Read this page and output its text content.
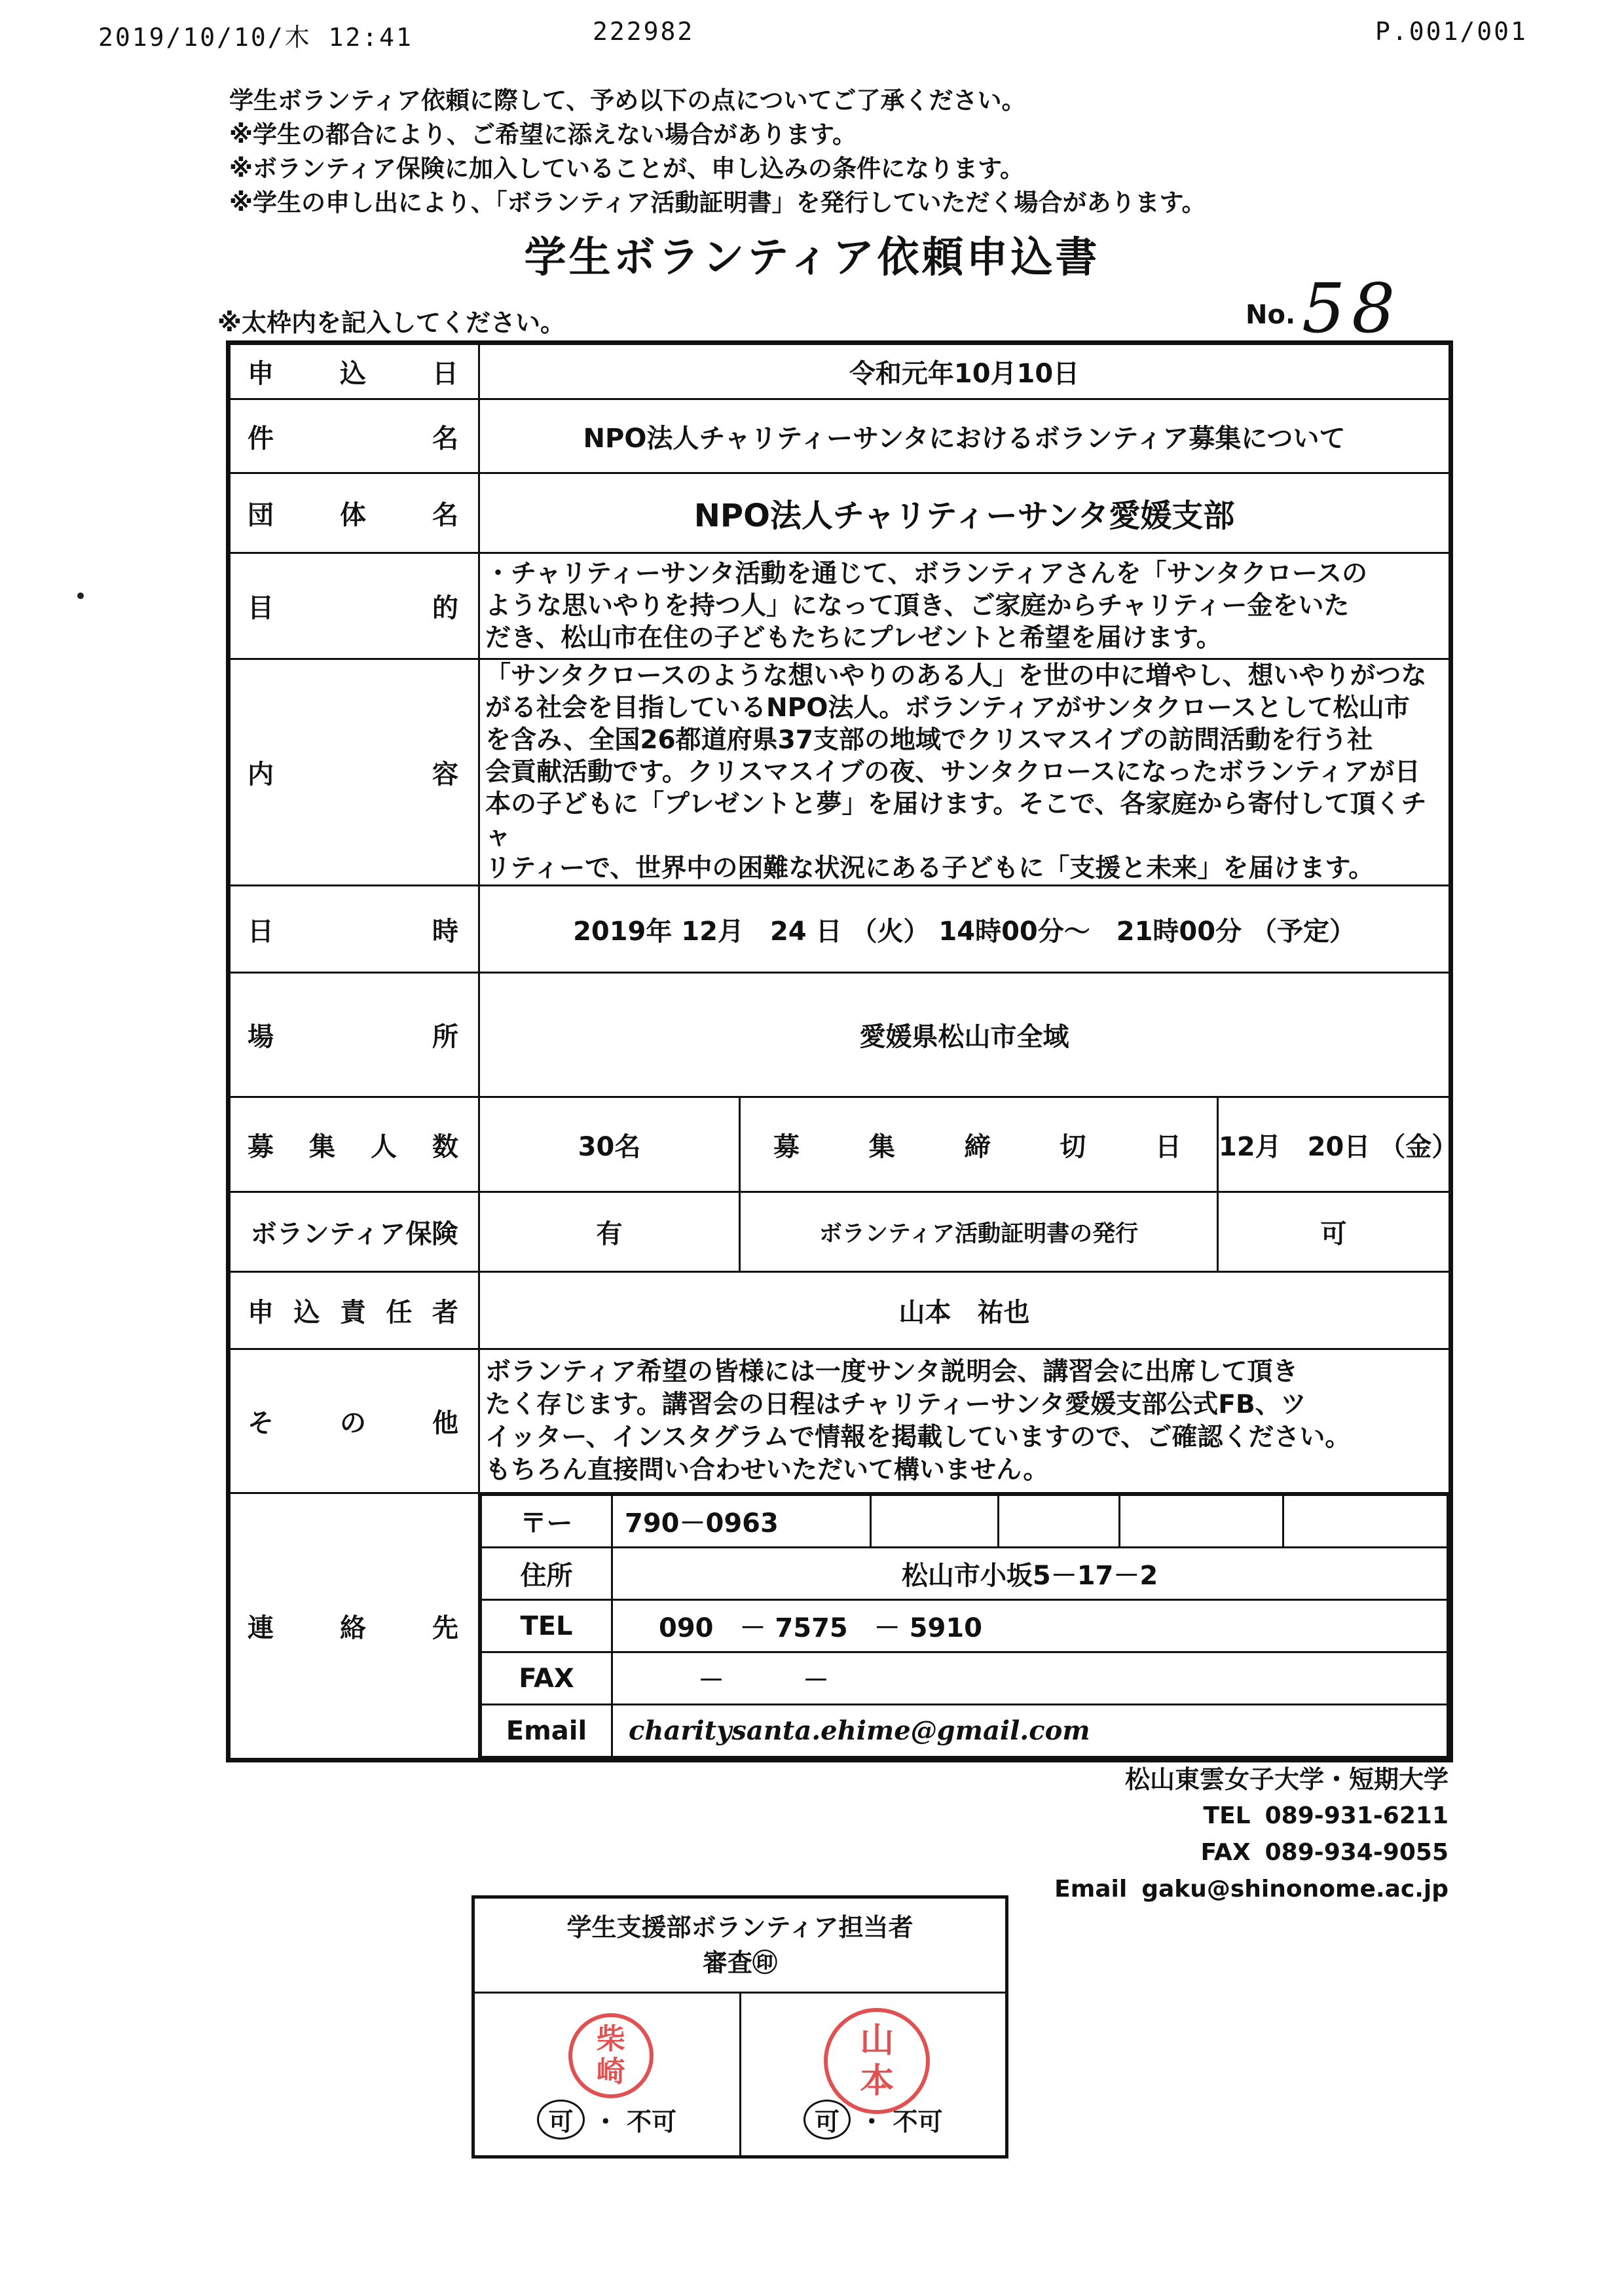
2019/10/10/木 12:41	222982	P.001/001
学生ボランティア依頼に際して、予め以下の点についてご了承ください。
※学生の都合により、ご希望に添えない場合があります。
※ボランティア保険に加入していることが、申し込みの条件になります。
※学生の申し出により、「ボランティア活動証明書」を発行していただく場合があります。
学生ボランティア依頼申込書
※太枠内を記入してください。	No. 58
申込日	令和元年10月10日
件名	NPO法人チャリティーサンタにおけるボランティア募集について
団体名	NPO法人チャリティーサンタ愛媛支部
目的	
・チャリティーサンタ活動を通じて、ボランティアさんを「サンタクロースの
ような思いやりを持つ人」になって頂き、ご家庭からチャリティー金をいた
だき、松山市在住の子どもたちにプレゼントと希望を届けます。

内容	
「サンタクロースのような想いやりのある人」を世の中に増やし、想いやりがつな
がる社会を目指しているNPO法人。ボランティアがサンタクロースとして松山市
を含み、全国26都道府県37支部の地域でクリスマスイブの訪問活動を行う社
会貢献活動です。クリスマスイブの夜、サンタクロースになったボランティアが日
本の子どもに「プレゼントと夢」を届けます。そこで、各家庭から寄付して頂くチャ
リティーで、世界中の困難な状況にある子どもに「支援と未来」を届けます。

日時	2019年 12月　24 日 （火） 14時00分～　21時00分 （予定）
場所	愛媛県松山市全域
募集人数	30名	募集締切日	12月　20日 （金）
ボランティア保険	有	ボランティア活動証明書の発行	可
申込責任者	山本　祐也
その他	
ボランティア希望の皆様には一度サンタ説明会、講習会に出席して頂き
たく存じます。講習会の日程はチャリティーサンタ愛媛支部公式FB、ツ
イッター、インスタグラムで情報を掲載していますので、ご確認ください。
もちろん直接問い合わせいただいて構いません。

連絡先	
〒ー	790－0963				
住所	松山市小坂5－17－2
TEL	090　－ 7575　－ 5910
FAX	－　　　－
Email	charitysanta.ehime@gmail.com
松山東雲女子大学・短期大学
TEL 089-931-6211
FAX 089-934-9055
Email gaku@shinonome.ac.jp
学生支援部ボランティア担当者
審査㊞

柴
崎
可 ・ 不可

山
本
可 ・ 不可
